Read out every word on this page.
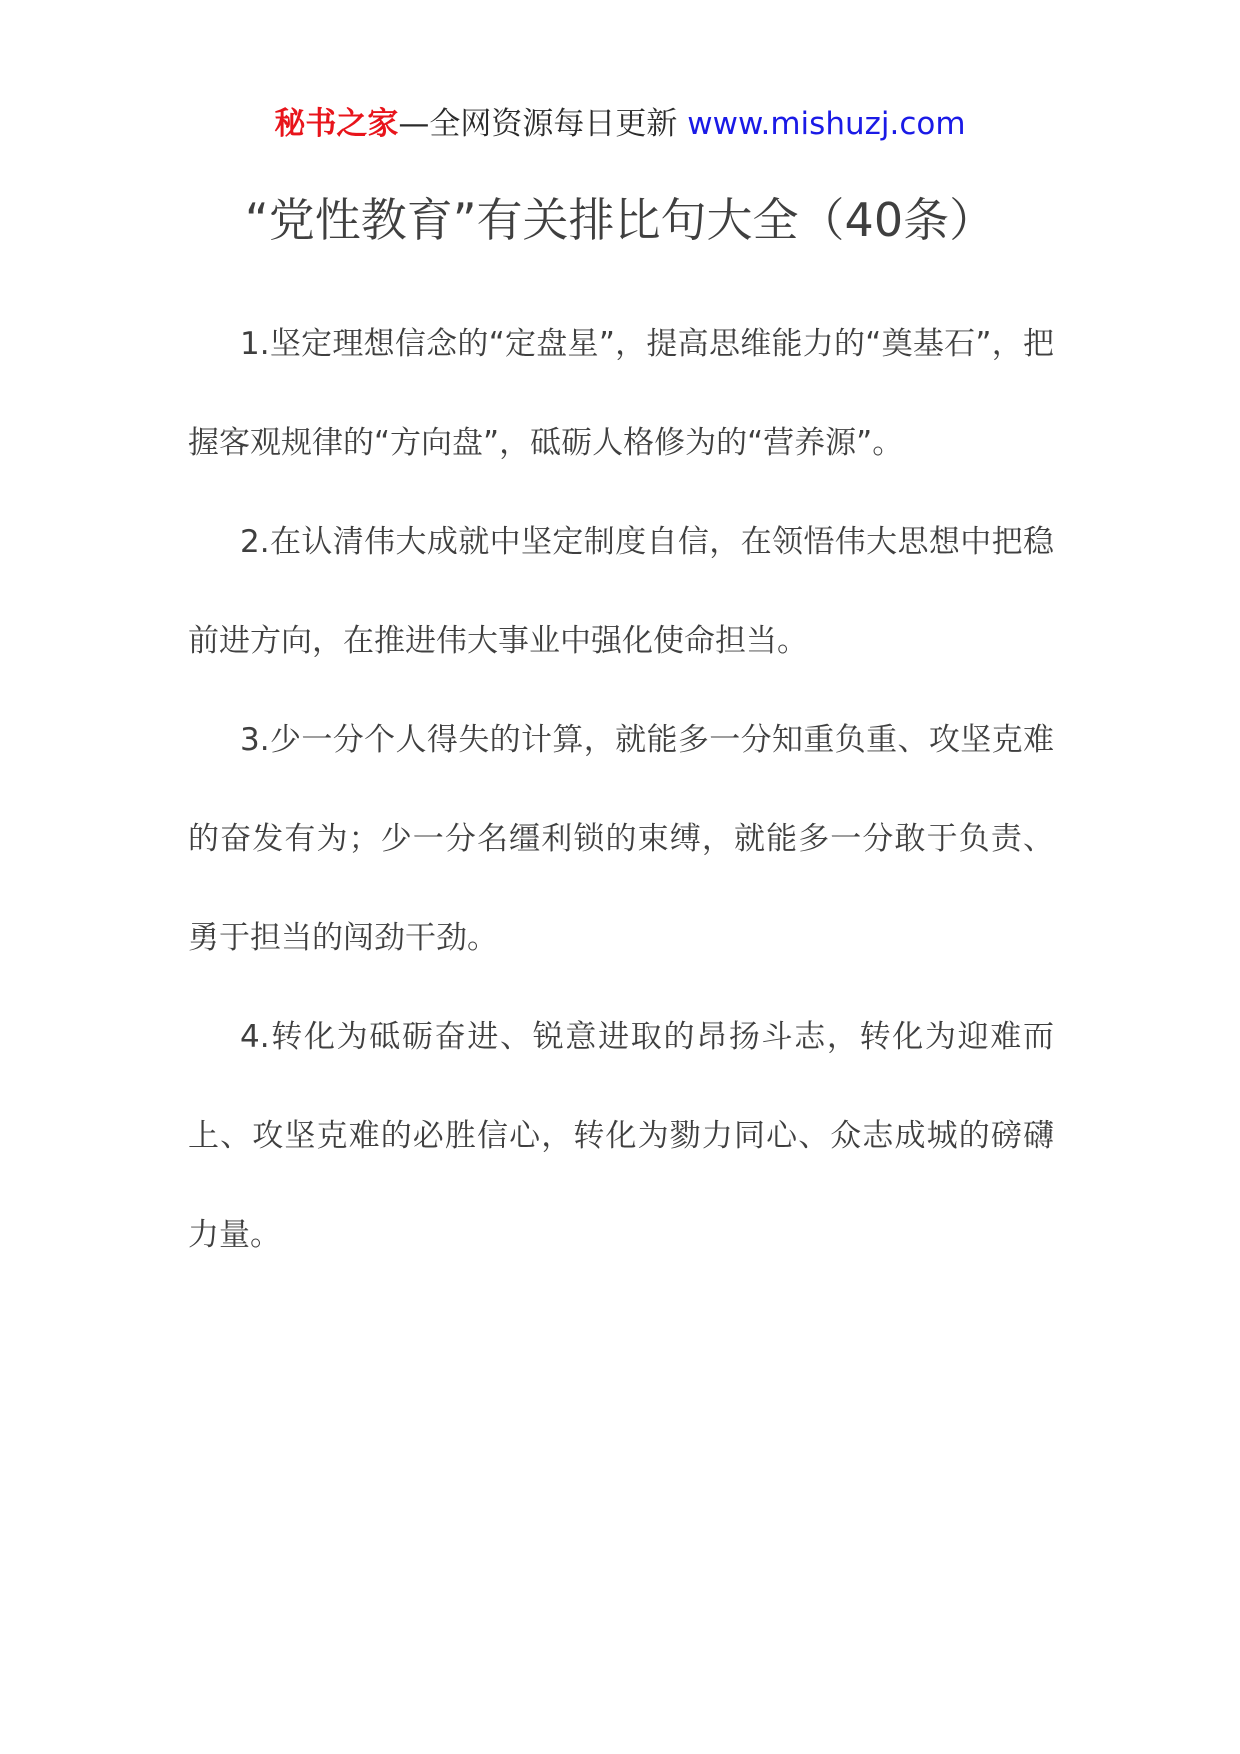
秘书之家—全网资源每日更新 www.mishuzj.com
“党性教育”有关排比句大全（40条）

1.坚定理想信念的“定盘星”，提高思维能力的“奠基石”，把握客观规律的“方向盘”，砥砺人格修为的“营养源”。

2.在认清伟大成就中坚定制度自信，在领悟伟大思想中把稳前进方向，在推进伟大事业中强化使命担当。

3.少一分个人得失的计算，就能多一分知重负重、攻坚克难的奋发有为；少一分名缰利锁的束缚，就能多一分敢于负责、勇于担当的闯劲干劲。

4.转化为砥砺奋进、锐意进取的昂扬斗志，转化为迎难而上、攻坚克难的必胜信心，转化为勠力同心、众志成城的磅礴力量。
